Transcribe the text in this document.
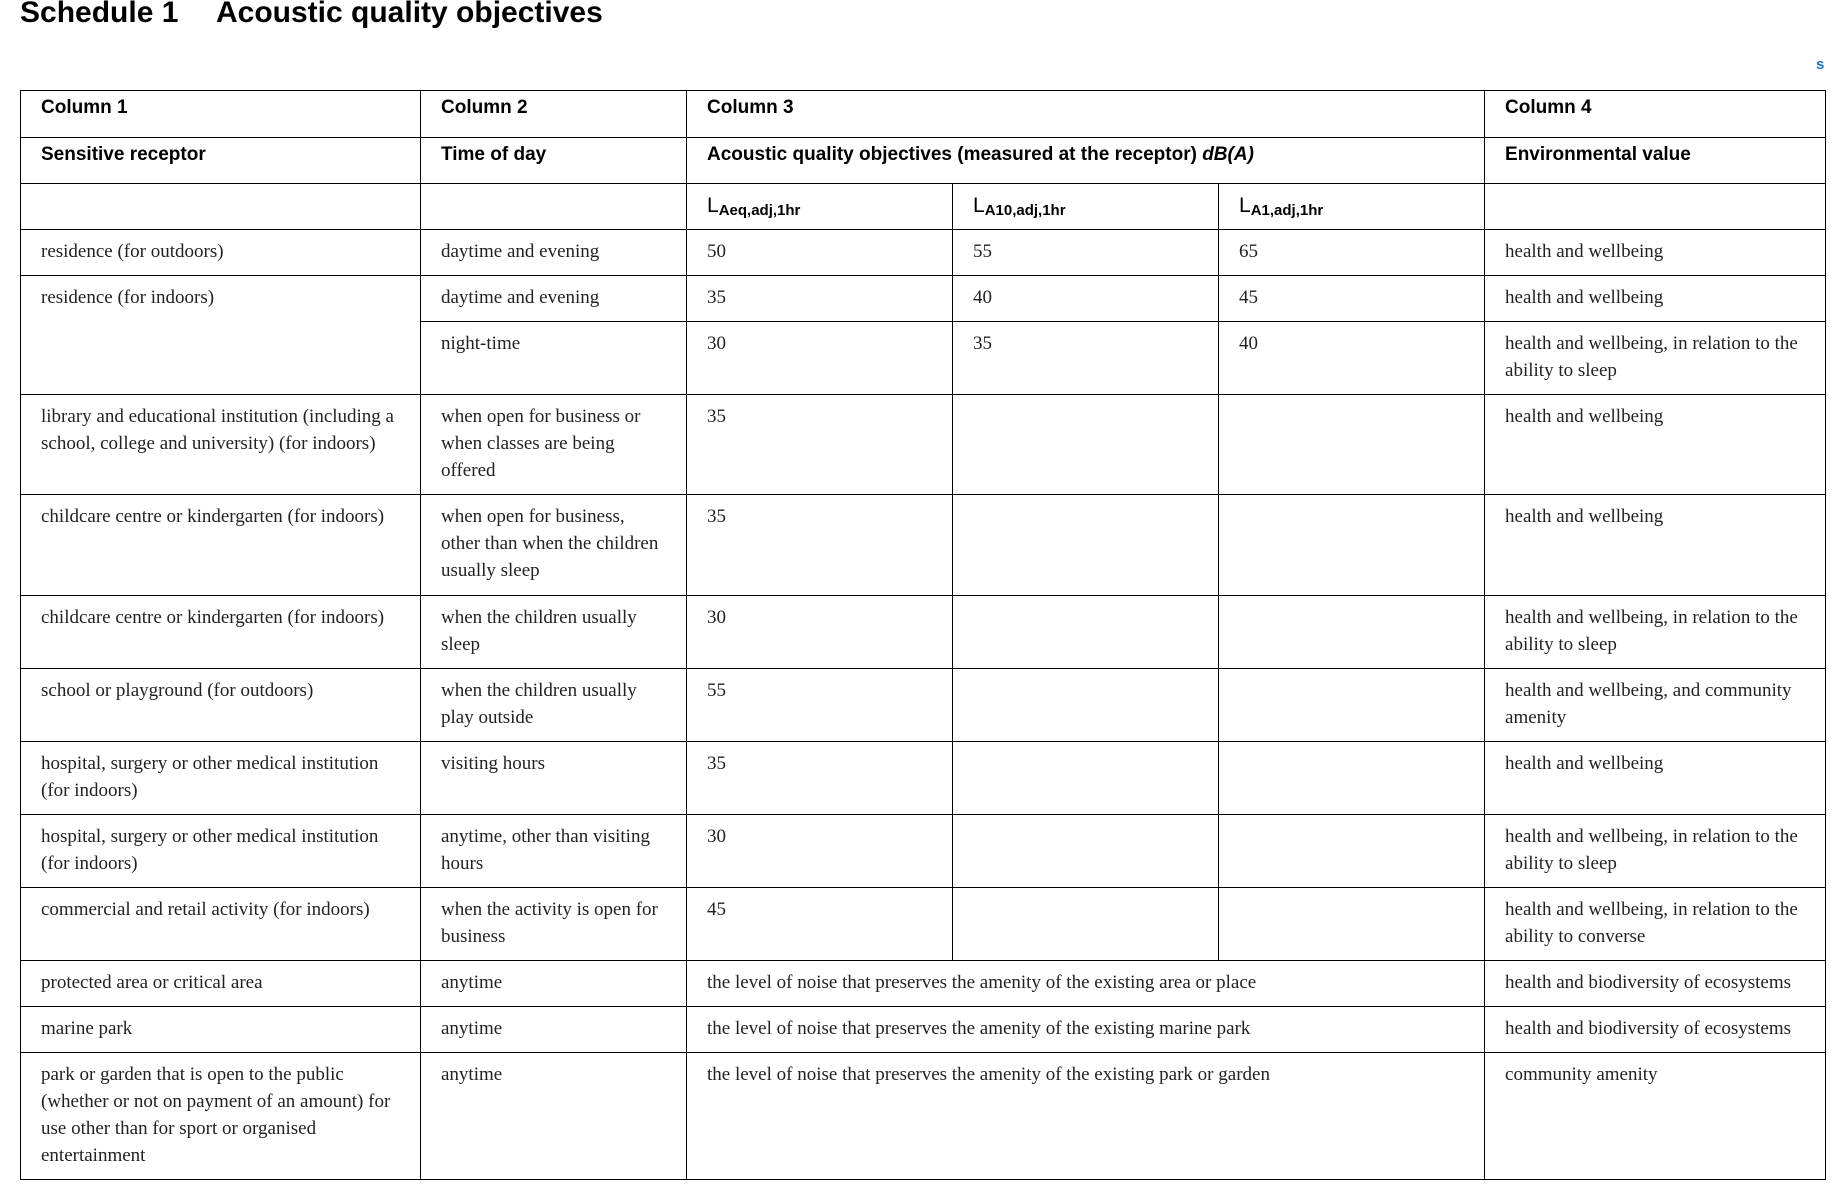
Schedule 1 Acoustic quality objectives
s
Column 1	Column 2	Column 3			Column 4
Sensitive receptor	Time of day	Acoustic quality objectives (measured at the receptor) dB(A)			Environmental value
		LAeq,adj,1hr	LA10,adj,1hr	LA1,adj,1hr	
residence (for outdoors)	daytime and evening	50	55	65	health and wellbeing
residence (for indoors)	daytime and evening	35	40	45	health and wellbeing
	night-time	30	35	40	health and wellbeing, in relation to the ability to sleep
library and educational institution (including a school, college and university) (for indoors)	when open for business or when classes are being offered	35			health and wellbeing
childcare centre or kindergarten (for indoors)	when open for business, other than when the children usually sleep	35			health and wellbeing
childcare centre or kindergarten (for indoors)	when the children usually sleep	30			health and wellbeing, in relation to the ability to sleep
school or playground (for outdoors)	when the children usually play outside	55			health and wellbeing, and community amenity
hospital, surgery or other medical institution (for indoors)	visiting hours	35			health and wellbeing
hospital, surgery or other medical institution (for indoors)	anytime, other than visiting hours	30			health and wellbeing, in relation to the ability to sleep
commercial and retail activity (for indoors)	when the activity is open for business	45			health and wellbeing, in relation to the ability to converse
protected area or critical area	anytime	the level of noise that preserves the amenity of the existing area or place			health and biodiversity of ecosystems
marine park	anytime	the level of noise that preserves the amenity of the existing marine park			health and biodiversity of ecosystems
park or garden that is open to the public (whether or not on payment of an amount) for use other than for sport or organised entertainment	anytime	the level of noise that preserves the amenity of the existing park or garden			community amenity
